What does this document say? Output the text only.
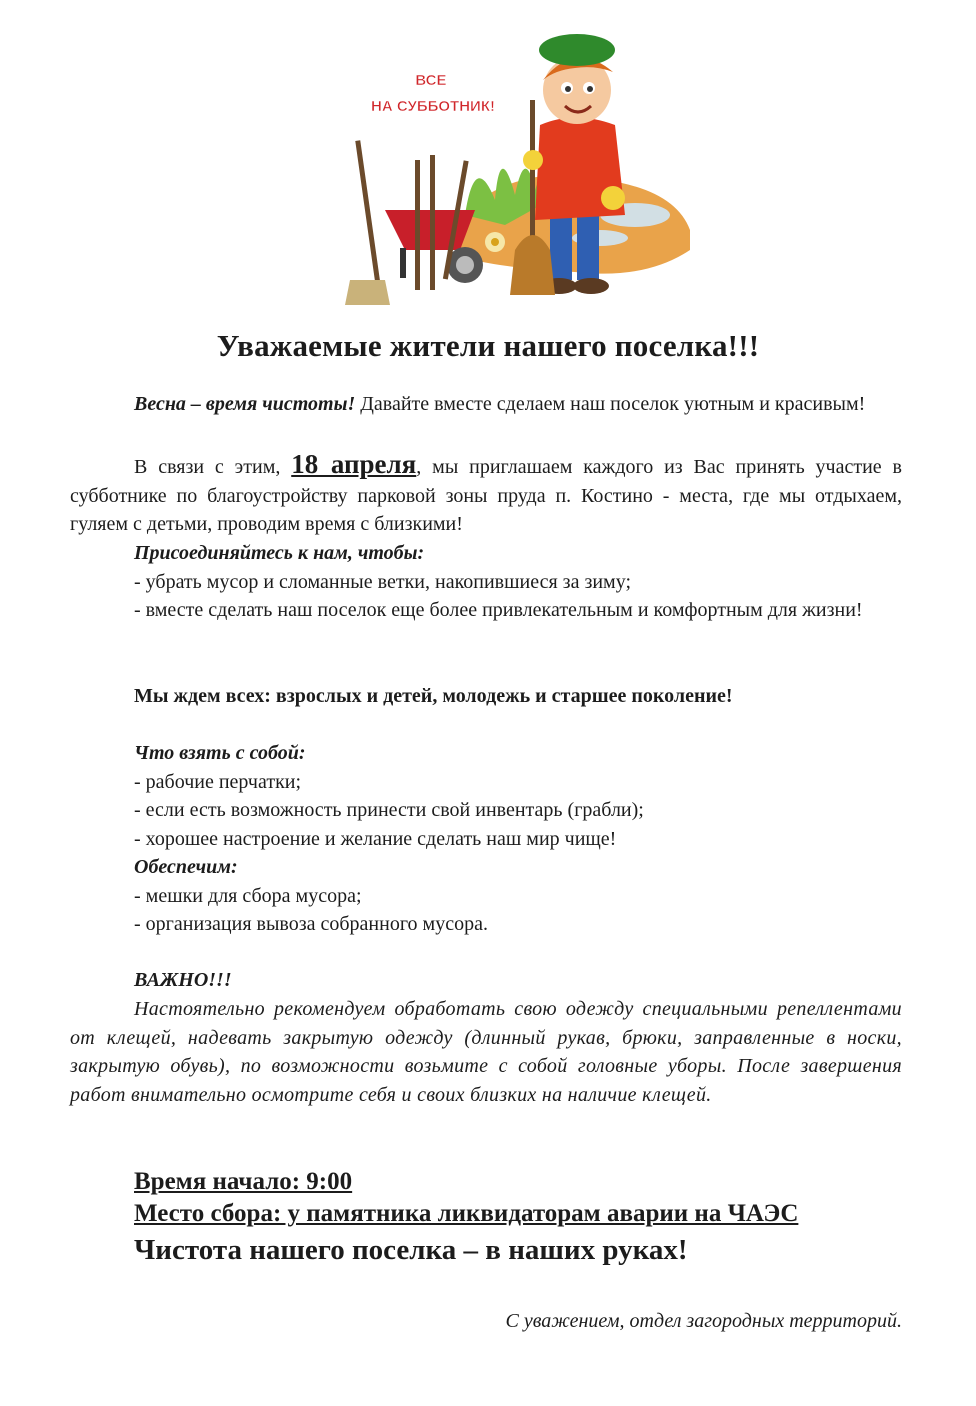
ВСЕ НА СУББОТНИК!
Уважаемые жители нашего поселка!!!

Весна – время чистоты! Давайте вместе сделаем наш поселок уютным и красивым!

В связи с этим, 18 апреля, мы приглашаем каждого из Вас принять участие в субботнике по благоустройству парковой зоны пруда п. Костино - места, где мы отдыхаем, гуляем с детьми, проводим время с близкими!

Присоединяйтесь к нам, чтобы:
- убрать мусор и сломанные ветки, накопившиеся за зиму;
- вместе сделать наш поселок еще более привлекательным и комфортным для жизни!
Мы ждем всех: взрослых и детей, молодежь и старшее поколение!
Что взять с собой:
- рабочие перчатки;
- если есть возможность принести свой инвентарь (грабли);
- хорошее настроение и желание сделать наш мир чище!
Обеспечим:
- мешки для сбора мусора;
- организация вывоза собранного мусора.
ВАЖНО!!!

Настоятельно рекомендуем обработать свою одежду специальными репеллентами от клещей, надевать закрытую одежду (длинный рукав, брюки, заправленные в носки, закрытую обувь), по возможности возьмите с собой головные уборы. После завершения работ внимательно осмотрите себя и своих близких на наличие клещей.

Время начало: 9:00
Место сбора: у памятника ликвидаторам аварии на ЧАЭС
Чистота нашего поселка – в наших руках!
С уважением, отдел загородных территорий.
